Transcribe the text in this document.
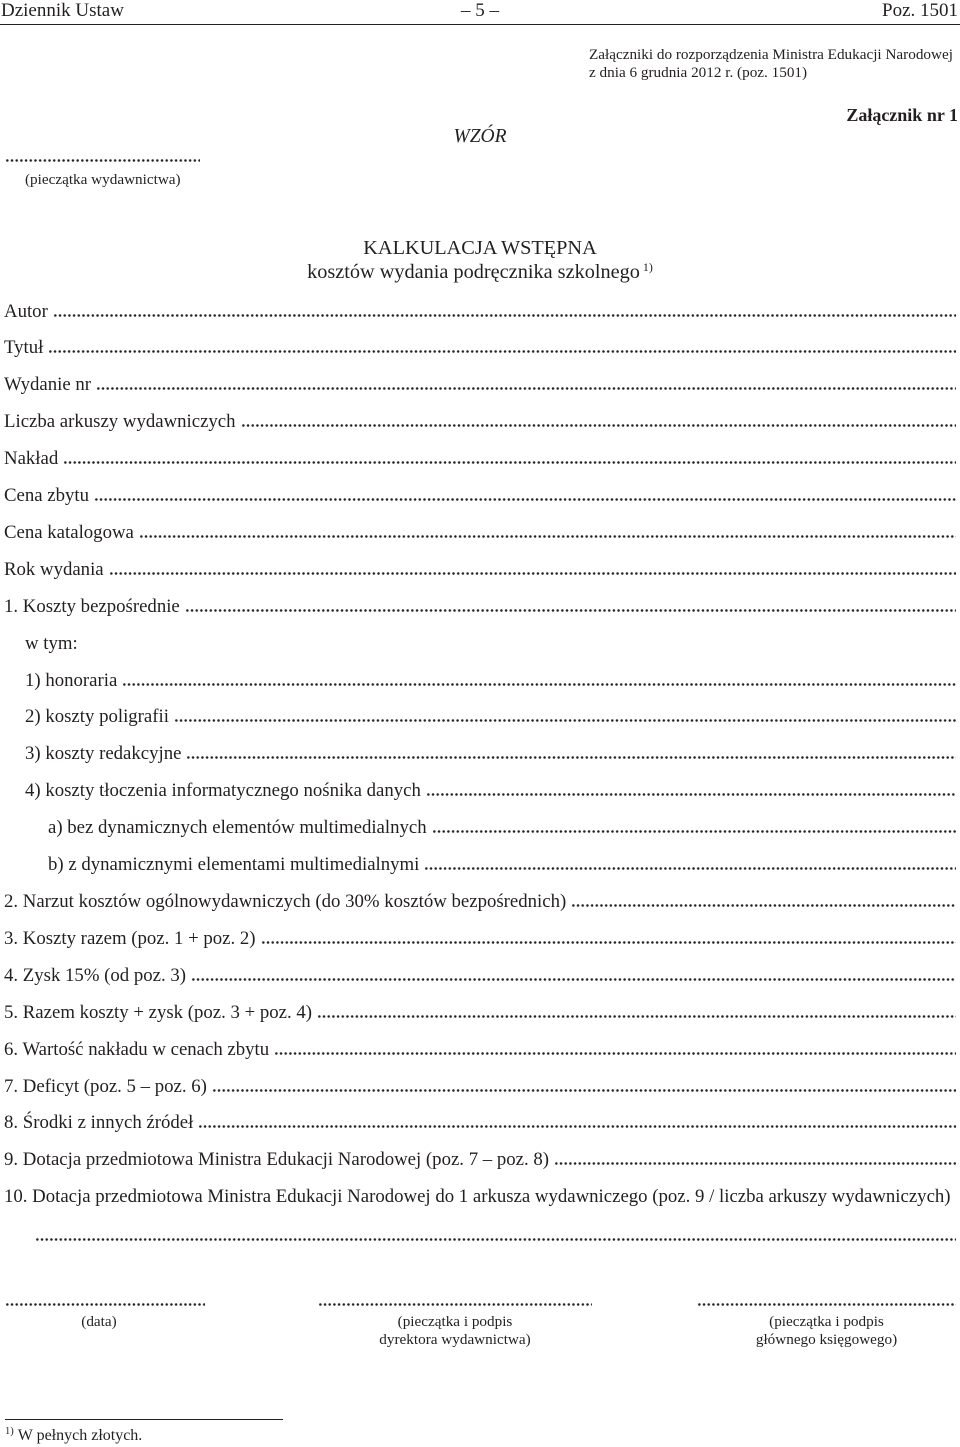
Dziennik Ustaw	– 5 –	Poz. 1501
Załączniki do rozporządzenia Ministra Edukacji Narodowej
z dnia 6 grudnia 2012 r. (poz. 1501)
Załącznik nr 1
WZÓR
(pieczątka wydawnictwa)
KALKULACJA WSTĘPNA
kosztów wydania podręcznika szkolnego $^{1)}$
Autor
Tytuł
Wydanie nr
Liczba arkuszy wydawniczych
Nakład
Cena zbytu
Cena katalogowa
Rok wydania
1. Koszty bezpośrednie
w tym:
1) honoraria
2) koszty poligrafii
3) koszty redakcyjne
4) koszty tłoczenia informatycznego nośnika danych
a) bez dynamicznych elementów multimedialnych
b) z dynamicznymi elementami multimedialnymi
2. Narzut kosztów ogólnowydawniczych (do 30% kosztów bezpośrednich)
3. Koszty razem (poz. 1 + poz. 2)
4. Zysk 15% (od poz. 3)
5. Razem koszty + zysk (poz. 3 + poz. 4)
6. Wartość nakładu w cenach zbytu
7. Deficyt (poz. 5 – poz. 6)
8. Środki z innych źródeł
9. Dotacja przedmiotowa Ministra Edukacji Narodowej (poz. 7 – poz. 8)
10. Dotacja przedmiotowa Ministra Edukacji Narodowej do 1 arkusza wydawniczego (poz. 9 / liczba arkuszy wydawniczych)
(data)	(pieczątka i podpis
dyrektora wydawnictwa)
(pieczątka i podpis
głównego księgowego)
$^{1)}$ W pełnych złotych.
